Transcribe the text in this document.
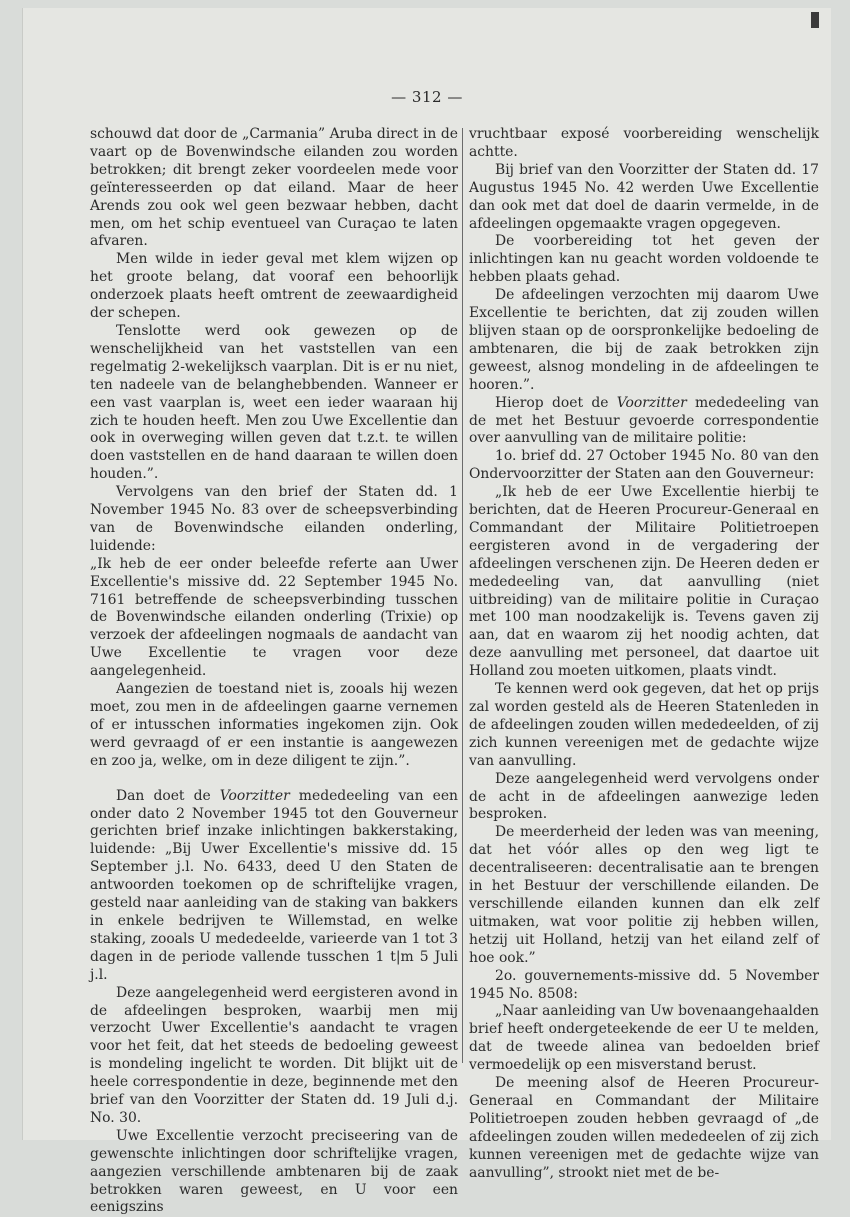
— 312 —

schouwd dat door de „Carmania” Aruba direct in de vaart op de Bovenwindsche eilanden zou worden betrokken; dit brengt zeker voordeelen mede voor geïnteresseerden op dat eiland. Maar de heer Arends zou ook wel geen bezwaar hebben, dacht men, om het schip eventueel van Curaçao te laten afvaren.

Men wilde in ieder geval met klem wijzen op het groote belang, dat vooraf een behoorlijk onderzoek plaats heeft omtrent de zeewaardigheid der schepen.

Tenslotte werd ook gewezen op de wenschelijkheid van het vaststellen van een regelmatig 2-wekelijksch vaarplan. Dit is er nu niet, ten nadeele van de belanghebbenden. Wanneer er een vast vaarplan is, weet een ieder waaraan hij zich te houden heeft. Men zou Uwe Excellentie dan ook in overweging willen geven dat t.z.t. te willen doen vaststellen en de hand daaraan te willen doen houden.”.

Vervolgens van den brief der Staten dd. 1 November 1945 No. 83 over de scheepsverbinding van de Bovenwindsche eilanden onderling, luidende:

„Ik heb de eer onder beleefde referte aan Uwer Excellentie's missive dd. 22 September 1945 No. 7161 betreffende de scheepsverbinding tusschen de Bovenwindsche eilanden onderling (Trixie) op verzoek der afdeelingen nogmaals de aandacht van Uwe Excellentie te vragen voor deze aangelegenheid.

Aangezien de toestand niet is, zooals hij wezen moet, zou men in de afdeelingen gaarne vernemen of er intusschen informaties ingekomen zijn. Ook werd gevraagd of er een instantie is aangewezen en zoo ja, welke, om in deze diligent te zijn.”.

Dan doet de Voorzitter mededeeling van een onder dato 2 November 1945 tot den Gouverneur gerichten brief inzake inlichtingen bakkerstaking, luidende: „Bij Uwer Excellentie's missive dd. 15 September j.l. No. 6433, deed U den Staten de antwoorden toekomen op de schriftelijke vragen, gesteld naar aanleiding van de staking van bakkers in enkele bedrijven te Willemstad, en welke staking, zooals U mededeelde, varieerde van 1 tot 3 dagen in de periode vallende tusschen 1 t|m 5 Juli j.l.

Deze aangelegenheid werd eergisteren avond in de afdeelingen besproken, waarbij men mij verzocht Uwer Excellentie's aandacht te vragen voor het feit, dat het steeds de bedoeling geweest is mondeling ingelicht te worden. Dit blijkt uit de heele correspondentie in deze, beginnende met den brief van den Voorzitter der Staten dd. 19 Juli d.j. No. 30.

Uwe Excellentie verzocht preciseering van de gewenschte inlichtingen door schriftelijke vragen, aangezien verschillende ambtenaren bij de zaak betrokken waren geweest, en U voor een eenigszins

vruchtbaar exposé voorbereiding wenschelijk achtte.

Bij brief van den Voorzitter der Staten dd. 17 Augustus 1945 No. 42 werden Uwe Excellentie dan ook met dat doel de daarin vermelde, in de afdeelingen opgemaakte vragen opgegeven.

De voorbereiding tot het geven der inlichtingen kan nu geacht worden voldoende te hebben plaats gehad.

De afdeelingen verzochten mij daarom Uwe Excellentie te berichten, dat zij zouden willen blijven staan op de oorspronkelijke bedoeling de ambtenaren, die bij de zaak betrokken zijn geweest, alsnog mondeling in de afdeelingen te hooren.”.

Hierop doet de Voorzitter mededeeling van de met het Bestuur gevoerde correspondentie over aanvulling van de militaire politie:

1o. brief dd. 27 October 1945 No. 80 van den Ondervoorzitter der Staten aan den Gouverneur:

„Ik heb de eer Uwe Excellentie hierbij te berichten, dat de Heeren Procureur-Generaal en Commandant der Militaire Politietroepen eergisteren avond in de vergadering der afdeelingen verschenen zijn. De Heeren deden er mededeeling van, dat aanvulling (niet uitbreiding) van de militaire politie in Curaçao met 100 man noodzakelijk is. Tevens gaven zij aan, dat en waarom zij het noodig achten, dat deze aanvulling met personeel, dat daartoe uit Holland zou moeten uitkomen, plaats vindt.

Te kennen werd ook gegeven, dat het op prijs zal worden gesteld als de Heeren Statenleden in de afdeelingen zouden willen mededeelden, of zij zich kunnen vereenigen met de gedachte wijze van aanvulling.

Deze aangelegenheid werd vervolgens onder de acht in de afdeelingen aanwezige leden besproken.

De meerderheid der leden was van meening, dat het vóór alles op den weg ligt te decentraliseeren: decentralisatie aan te brengen in het Bestuur der verschillende eilanden. De verschillende eilanden kunnen dan elk zelf uitmaken, wat voor politie zij hebben willen, hetzij uit Holland, hetzij van het eiland zelf of hoe ook.”

2o. gouvernements-missive dd. 5 November 1945 No. 8508:

„Naar aanleiding van Uw bovenaangehaalden brief heeft ondergeteekende de eer U te melden, dat de tweede alinea van bedoelden brief vermoedelijk op een misverstand berust.

De meening alsof de Heeren Procureur-Generaal en Commandant der Militaire Politietroepen zouden hebben gevraagd of „de afdeelingen zouden willen mededeelen of zij zich kunnen vereenigen met de gedachte wijze van aanvulling”, strookt niet met de be-
